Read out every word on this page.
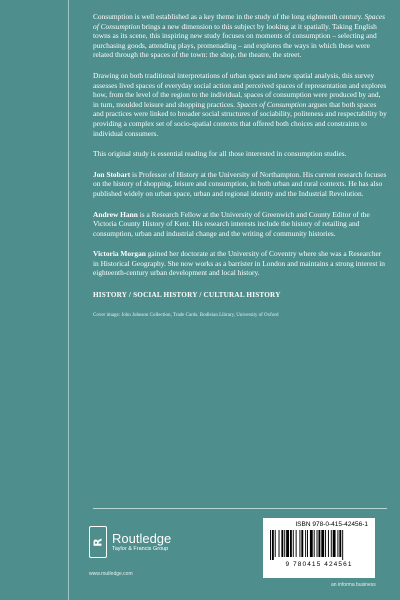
Consumption is well established as a key theme in the study of the long eighteenth century. Spaces of Consumption brings a new dimension to this subject by looking at it spatially. Taking English towns as its scene, this inspiring new study focuses on moments of consumption – selecting and purchasing goods, attending plays, promenading – and explores the ways in which these were related through the spaces of the town: the shop, the theatre, the street.

Drawing on both traditional interpretations of urban space and new spatial analysis, this survey assesses lived spaces of everyday social action and perceived spaces of representation and explores how, from the level of the region to the individual, spaces of consumption were produced by and, in turn, moulded leisure and shopping practices. Spaces of Consumption argues that both spaces and practices were linked to broader social structures of sociability, politeness and respectability by providing a complex set of socio-spatial contexts that offered both choices and constraints to individual consumers.

This original study is essential reading for all those interested in consumption studies.

Jon Stobart is Professor of History at the University of Northampton. His current research focuses on the history of shopping, leisure and consumption, in both urban and rural contexts. He has also published widely on urban space, urban and regional identity and the Industrial Revolution.

Andrew Hann is a Research Fellow at the University of Greenwich and County Editor of the Victoria County History of Kent. His research interests include the history of retailing and consumption, urban and industrial change and the writing of community histories.

Victoria Morgan gained her doctorate at the University of Coventry where she was a Researcher in Historical Geography. She now works as a barrister in London and maintains a strong interest in eighteenth-century urban development and local history.

HISTORY / SOCIAL HISTORY / CULTURAL HISTORY
Cover image: John Johnson Collection, Trade Cards. Bodleian Library, University of Oxford
R Routledge
Taylor & Francis Group
www.routledge.com
ISBN 978-0-415-42456-1
9 780415 424561
an informa business
